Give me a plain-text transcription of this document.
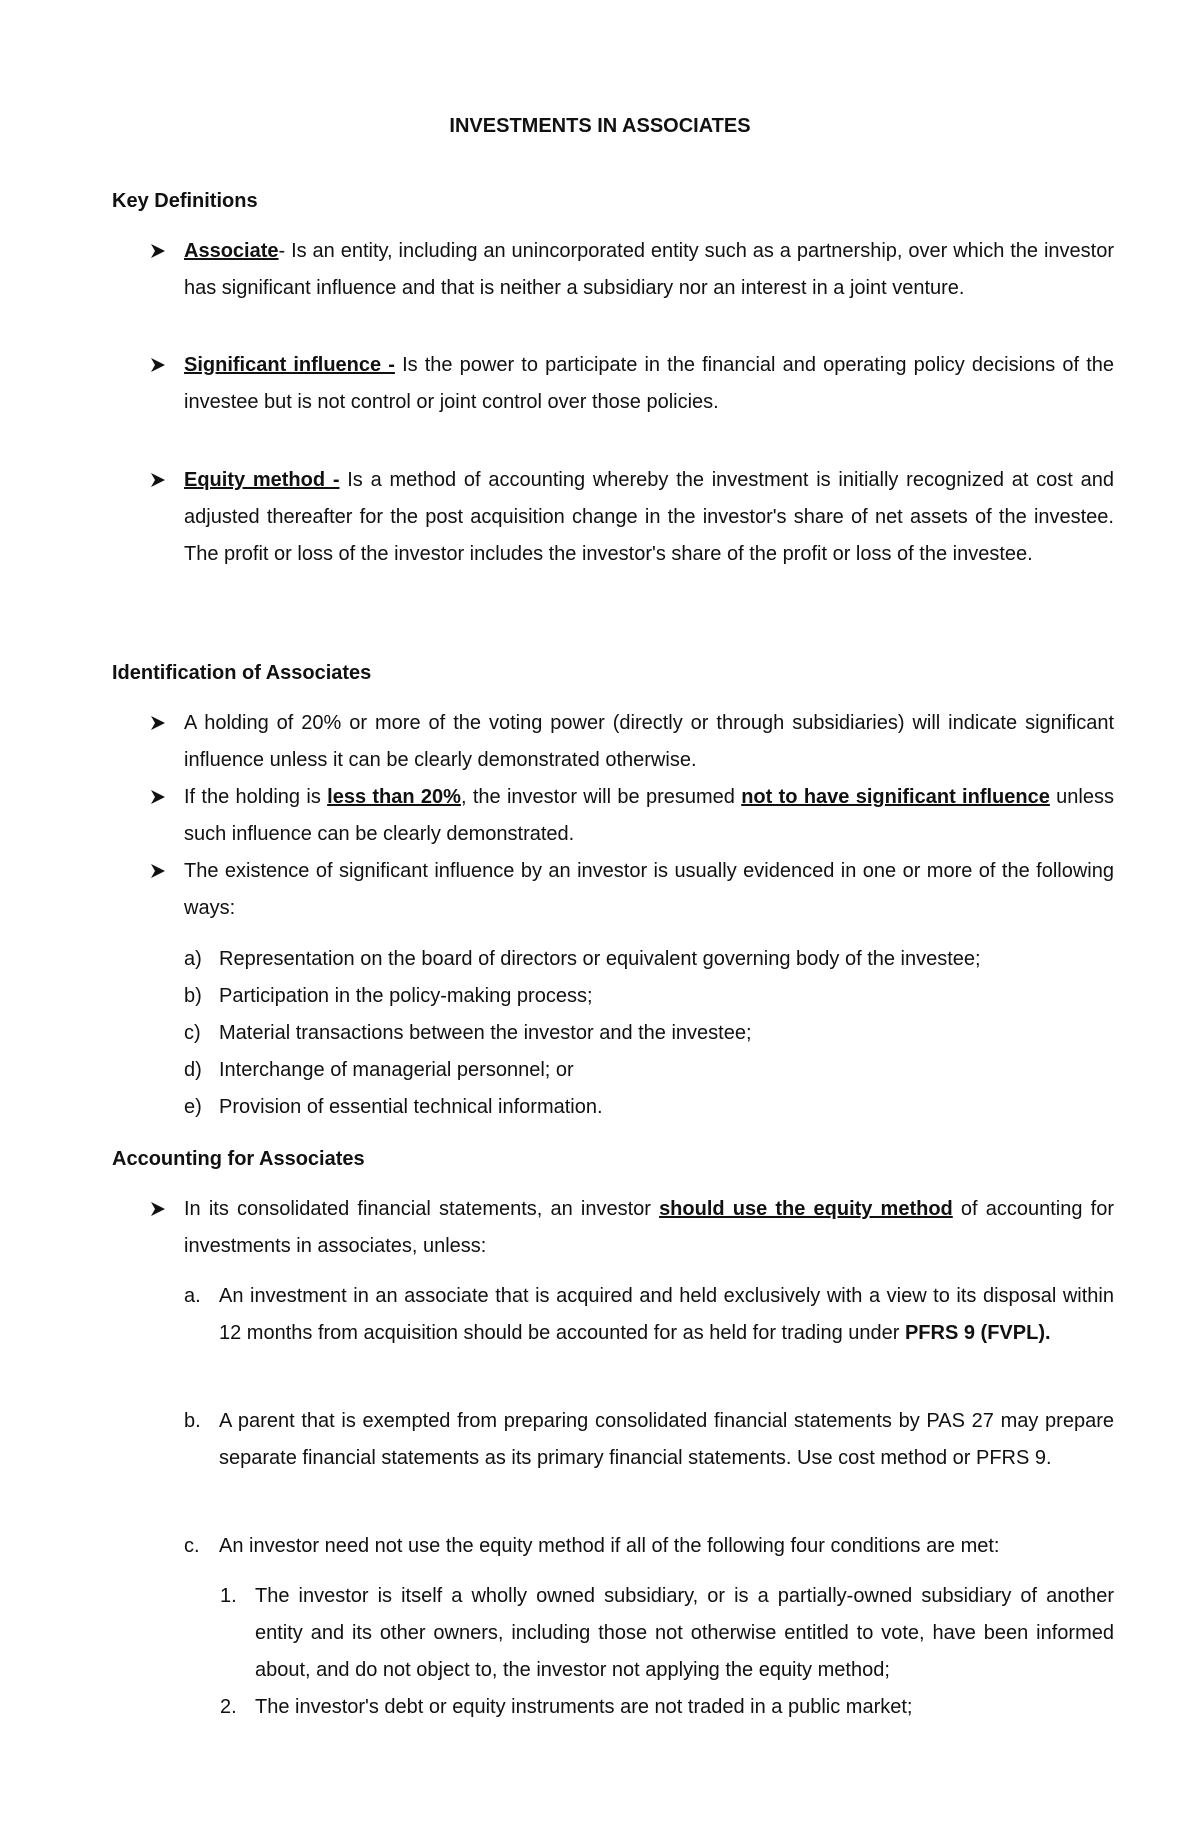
INVESTMENTS IN ASSOCIATES
Key Definitions
Associate- Is an entity, including an unincorporated entity such as a partnership, over which the investor has significant influence and that is neither a subsidiary nor an interest in a joint venture.
Significant influence - Is the power to participate in the financial and operating policy decisions of the investee but is not control or joint control over those policies.
Equity method - Is a method of accounting whereby the investment is initially recognized at cost and adjusted thereafter for the post acquisition change in the investor's share of net assets of the investee. The profit or loss of the investor includes the investor's share of the profit or loss of the investee.
Identification of Associates
A holding of 20% or more of the voting power (directly or through subsidiaries) will indicate significant influence unless it can be clearly demonstrated otherwise.
If the holding is less than 20%, the investor will be presumed not to have significant influence unless such influence can be clearly demonstrated.
The existence of significant influence by an investor is usually evidenced in one or more of the following ways:
a) Representation on the board of directors or equivalent governing body of the investee;
b) Participation in the policy-making process;
c) Material transactions between the investor and the investee;
d) Interchange of managerial personnel; or
e) Provision of essential technical information.
Accounting for Associates
In its consolidated financial statements, an investor should use the equity method of accounting for investments in associates, unless:
a. An investment in an associate that is acquired and held exclusively with a view to its disposal within 12 months from acquisition should be accounted for as held for trading under PFRS 9 (FVPL).
b. A parent that is exempted from preparing consolidated financial statements by PAS 27 may prepare separate financial statements as its primary financial statements. Use cost method or PFRS 9.
c. An investor need not use the equity method if all of the following four conditions are met:
1. The investor is itself a wholly owned subsidiary, or is a partially-owned subsidiary of another entity and its other owners, including those not otherwise entitled to vote, have been informed about, and do not object to, the investor not applying the equity method;
2. The investor's debt or equity instruments are not traded in a public market;
